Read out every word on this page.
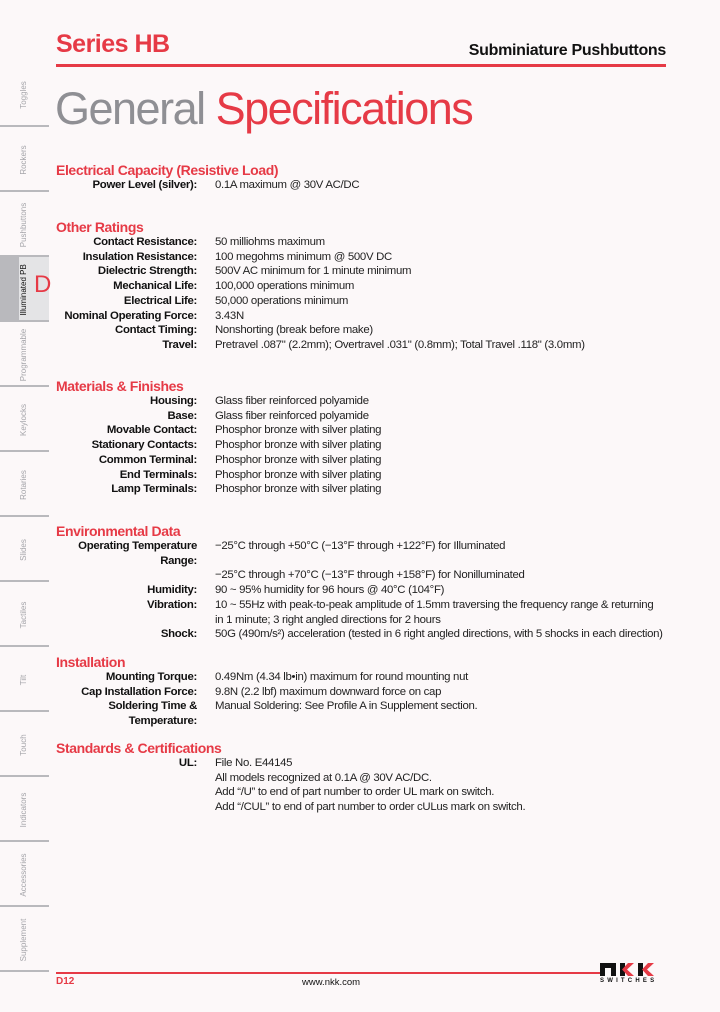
Series HB	Subminiature Pushbuttons
General Specifications
Toggles
Rockers
Pushbuttons
Illuminated PB D
Programmable
Keylocks
Rotaries
Slides
Tactiles
Tilt
Touch
Indicators
Accessories
Supplement
Electrical Capacity (Resistive Load)
Power Level (silver):	0.1A maximum @ 30V AC/DC
Other Ratings
Contact Resistance:	50 milliohms maximum
Insulation Resistance:	100 megohms minimum @ 500V DC
Dielectric Strength:	500V AC minimum for 1 minute minimum
Mechanical Life:	100,000 operations minimum
Electrical Life:	50,000 operations minimum
Nominal Operating Force:	3.43N
Contact Timing:	Nonshorting (break before make)
Travel:	Pretravel .087" (2.2mm); Overtravel .031" (0.8mm); Total Travel .118" (3.0mm)
Materials & Finishes
Housing:	Glass fiber reinforced polyamide
Base:	Glass fiber reinforced polyamide
Movable Contact:	Phosphor bronze with silver plating
Stationary Contacts:	Phosphor bronze with silver plating
Common Terminal:	Phosphor bronze with silver plating
End Terminals:	Phosphor bronze with silver plating
Lamp Terminals:	Phosphor bronze with silver plating
Environmental Data
Operating Temperature Range:
−25°C through +50°C (−13°F through +122°F) for Illuminated
−25°C through +70°C (−13°F through +158°F) for Nonilluminated
Humidity:	90 ~ 95% humidity for 96 hours @ 40°C (104°F)
Vibration:	10 ~ 55Hz with peak-to-peak amplitude of 1.5mm traversing the frequency range & returning
in 1 minute; 3 right angled directions for 2 hours
Shock:	50G (490m/s²) acceleration (tested in 6 right angled directions, with 5 shocks in each direction)
Installation
Mounting Torque:	0.49Nm (4.34 lb•in) maximum for round mounting nut
Cap Installation Force:	9.8N (2.2 lbf) maximum downward force on cap
Soldering Time & Temperature:
Manual Soldering: See Profile A in Supplement section.
Standards & Certifications
UL:	File No. E44145
All models recognized at 0.1A @ 30V AC/DC.
Add “/U” to end of part number to order UL mark on switch.
Add “/CUL” to end of part number to order cULus mark on switch.
D12	www.nkk.com	SWITCHES
